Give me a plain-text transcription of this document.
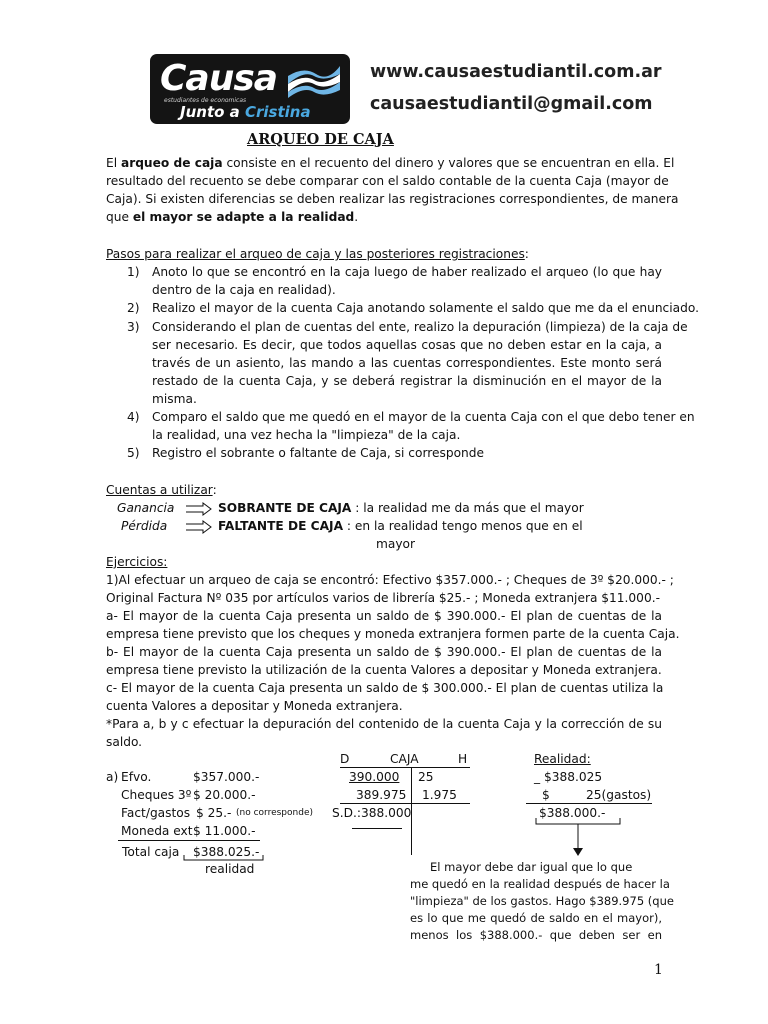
Causa
estudiantes de economicas
Junto a Cristina
www.causaestudiantil.com.ar
causaestudiantil@gmail.com
ARQUEO DE CAJA
El arqueo de caja consiste en el recuento del dinero y valores que se encuentran en ella. El
resultado del recuento se debe comparar con el saldo contable de la cuenta Caja (mayor de
Caja). Si existen diferencias se deben realizar las registraciones correspondientes, de manera
que el mayor se adapte a la realidad.
Pasos para realizar el arqueo de caja y las posteriores registraciones:
1) Anoto lo que se encontró en la caja luego de haber realizado el arqueo (lo que hay
dentro de la caja en realidad).
2) Realizo el mayor de la cuenta Caja anotando solamente el saldo que me da el enunciado.
3) Considerando el plan de cuentas del ente, realizo la depuración (limpieza) de la caja de
ser necesario. Es decir, que todos aquellas cosas que no deben estar en la caja, a
través de un asiento, las mando a las cuentas correspondientes. Este monto será
restado de la cuenta Caja, y se deberá registrar la disminución en el mayor de la
misma.
4) Comparo el saldo que me quedó en el mayor de la cuenta Caja con el que debo tener en
la realidad, una vez hecha la "limpieza" de la caja.
5) Registro el sobrante o faltante de Caja, si corresponde
Cuentas a utilizar:
Ganancia	SOBRANTE DE CAJA : la realidad me da más que el mayor
Pérdida	FALTANTE DE CAJA : en la realidad tengo menos que en el
mayor
Ejercicios:
1)Al efectuar un arqueo de caja se encontró: Efectivo $357.000.- ; Cheques de 3º $20.000.- ;
Original Factura Nº 035 por artículos varios de librería $25.- ; Moneda extranjera $11.000.-
a- El mayor de la cuenta Caja presenta un saldo de $ 390.000.- El plan de cuentas de la
empresa tiene previsto que los cheques y moneda extranjera formen parte de la cuenta Caja.
b- El mayor de la cuenta Caja presenta un saldo de $ 390.000.- El plan de cuentas de la
empresa tiene previsto la utilización de la cuenta Valores a depositar y Moneda extranjera.
c- El mayor de la cuenta Caja presenta un saldo de $ 300.000.- El plan de cuentas utiliza la
cuenta Valores a depositar y Moneda extranjera.
*Para a, b y c efectuar la depuración del contenido de la cuenta Caja y la corrección de su
saldo.
a) Efvo.	$357.000.-
Cheques 3º $ 20.000.-
Fact/gastos $ 25.- (no corresponde)
Moneda ext $ 11.000.-
Total caja $388.025.-
realidad
D	CAJA	H
390.000 25
389.975 1.975
S.D.:388.000
Realidad:
_ $388.025
$	25(gastos)
$388.000.-
El mayor debe dar igual que lo que
me quedó en la realidad después de hacer la
"limpieza" de los gastos. Hago $389.975 (que
es lo que me quedó de saldo en el mayor),
menos los $388.000.- que deben ser en
1
